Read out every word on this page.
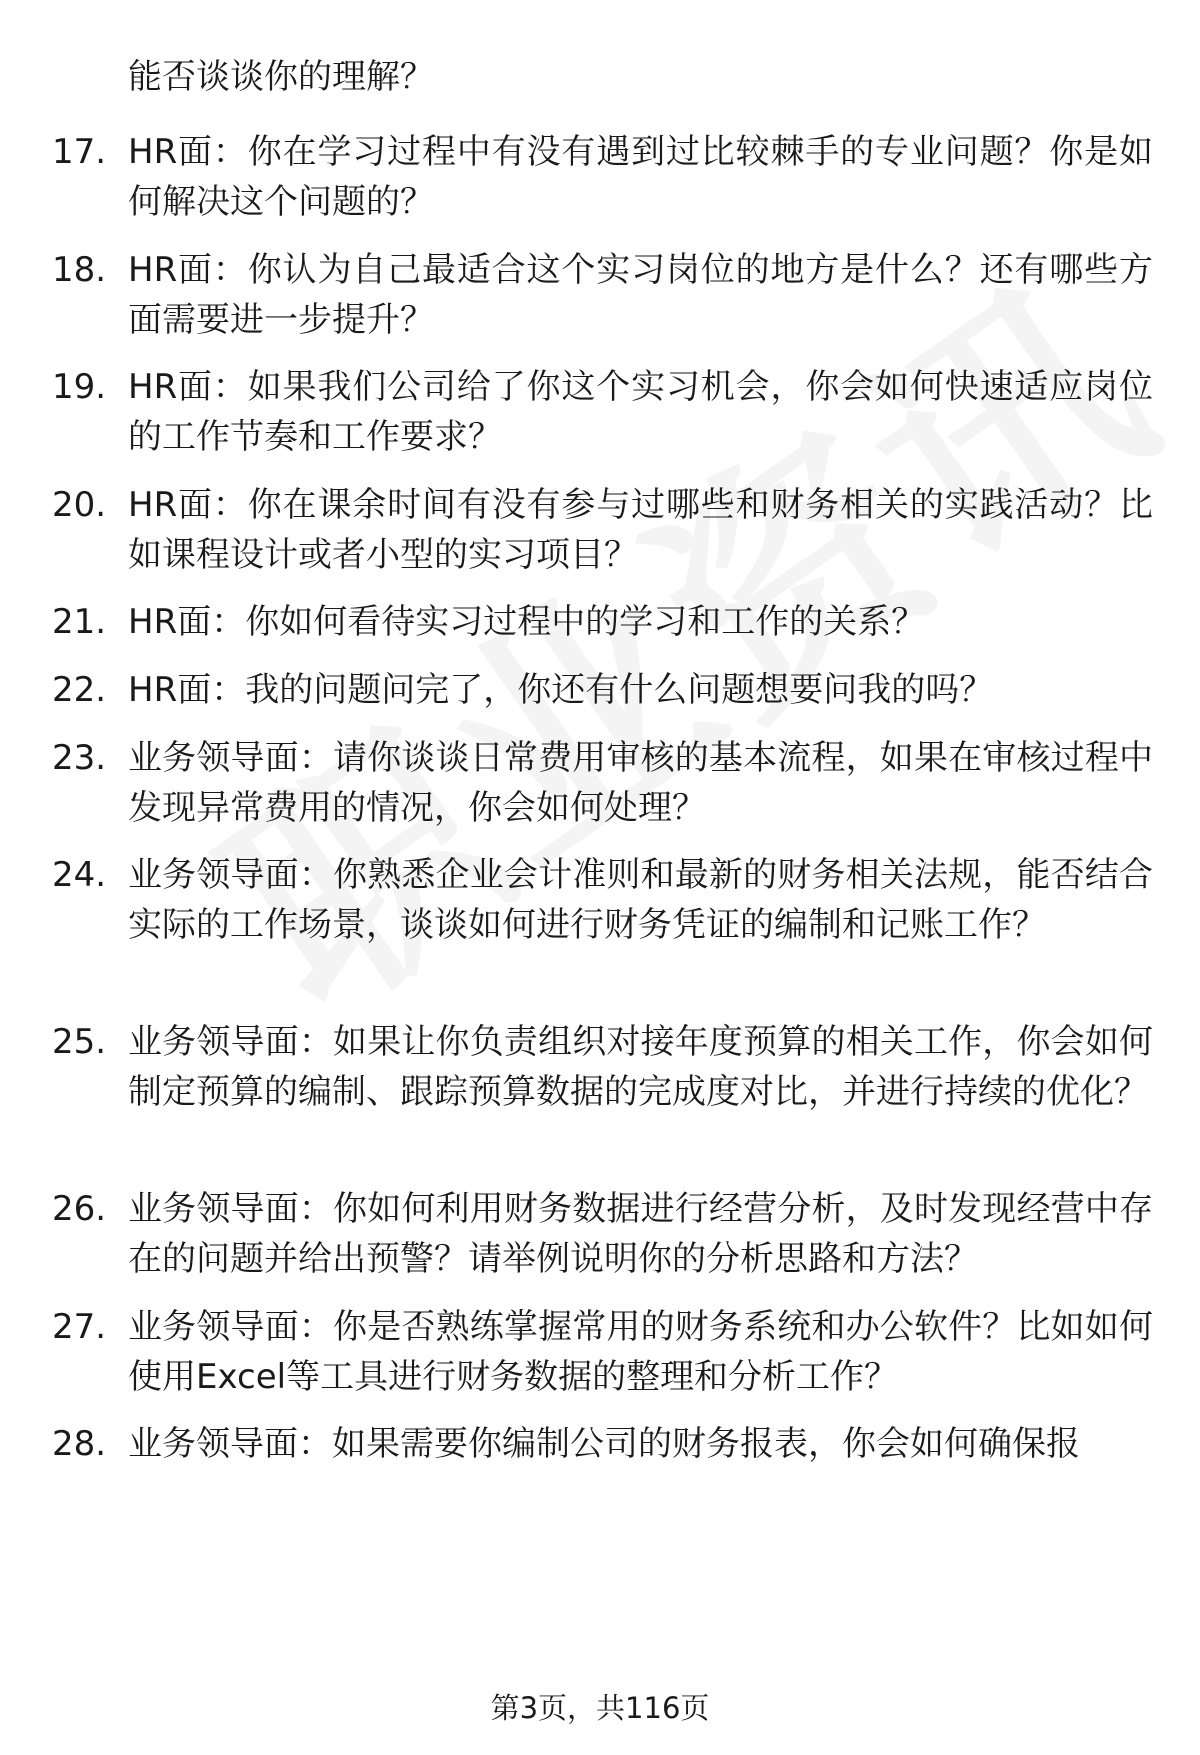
能否谈谈你的理解？
17. HR面：你在学习过程中有没有遇到过比较棘手的专业问题？你是如何解决这个问题的？
18. HR面：你认为自己最适合这个实习岗位的地方是什么？还有哪些方面需要进一步提升？
19. HR面：如果我们公司给了你这个实习机会，你会如何快速适应岗位的工作节奏和工作要求？
20. HR面：你在课余时间有没有参与过哪些和财务相关的实践活动？比如课程设计或者小型的实习项目？
21. HR面：你如何看待实习过程中的学习和工作的关系？
22. HR面：我的问题问完了，你还有什么问题想要问我的吗？
23. 业务领导面：请你谈谈日常费用审核的基本流程，如果在审核过程中发现异常费用的情况，你会如何处理？
24. 业务领导面：你熟悉企业会计准则和最新的财务相关法规，能否结合实际的工作场景，谈谈如何进行财务凭证的编制和记账工作？
25. 业务领导面：如果让你负责组织对接年度预算的相关工作，你会如何制定预算的编制、跟踪预算数据的完成度对比，并进行持续的优化？
26. 业务领导面：你如何利用财务数据进行经营分析，及时发现经营中存在的问题并给出预警？请举例说明你的分析思路和方法？
27. 业务领导面：你是否熟练掌握常用的财务系统和办公软件？比如如何使用Excel等工具进行财务数据的整理和分析工作？
28. 业务领导面：如果需要你编制公司的财务报表，你会如何确保报
第3页，共116页
